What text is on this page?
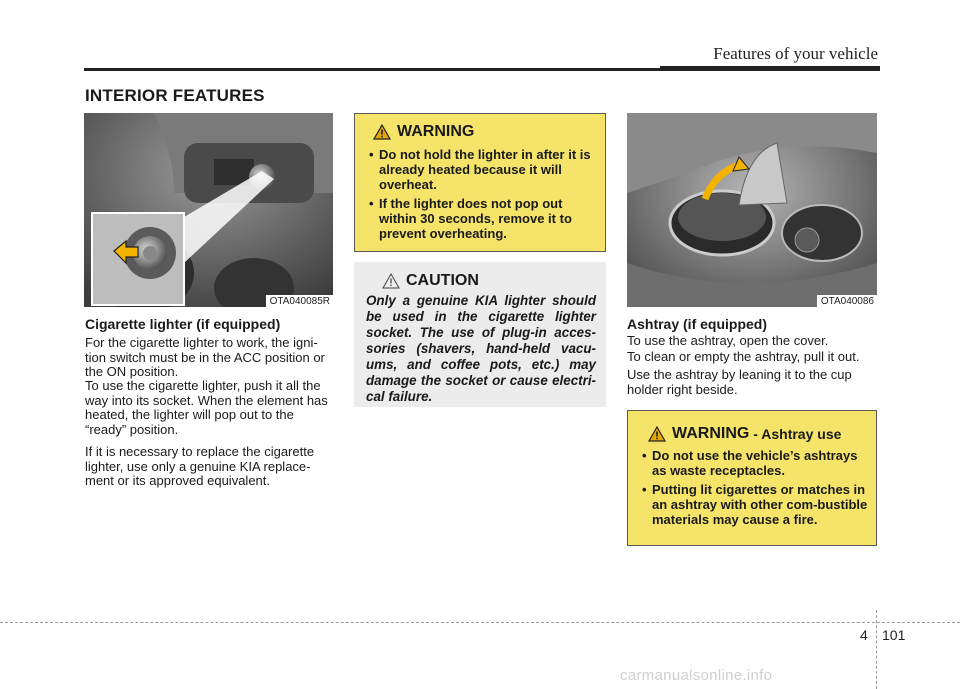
Features of your vehicle
INTERIOR FEATURES
OTA040085R
Cigarette lighter (if equipped)
For the cigarette lighter to work, the igni-tion switch must be in the ACC position or the ON position.
To use the cigarette lighter, push it all the way into its socket. When the element has heated, the lighter will pop out to the “ready” position.
If it is necessary to replace the cigarette lighter, use only a genuine KIA replace-ment or its approved equivalent.
WARNING
• Do not hold the lighter in after it is already heated because it will overheat.
• If the lighter does not pop out within 30 seconds, remove it to prevent overheating.
CAUTION
Only a genuine KIA lighter should be used in the cigarette lighter socket. The use of plug-in acces-sories (shavers, hand-held vacu-ums, and coffee pots, etc.) may damage the socket or cause electri-cal failure.
OTA040086
Ashtray (if equipped)
To use the ashtray, open the cover.
To clean or empty the ashtray, pull it out.
Use the ashtray by leaning it to the cup holder right beside.
WARNING - Ashtray use
• Do not use the vehicle’s ashtrays as waste receptacles.
• Putting lit cigarettes or matches in an ashtray with other com-bustible materials may cause a fire.
4 101
carmanualsonline.info
